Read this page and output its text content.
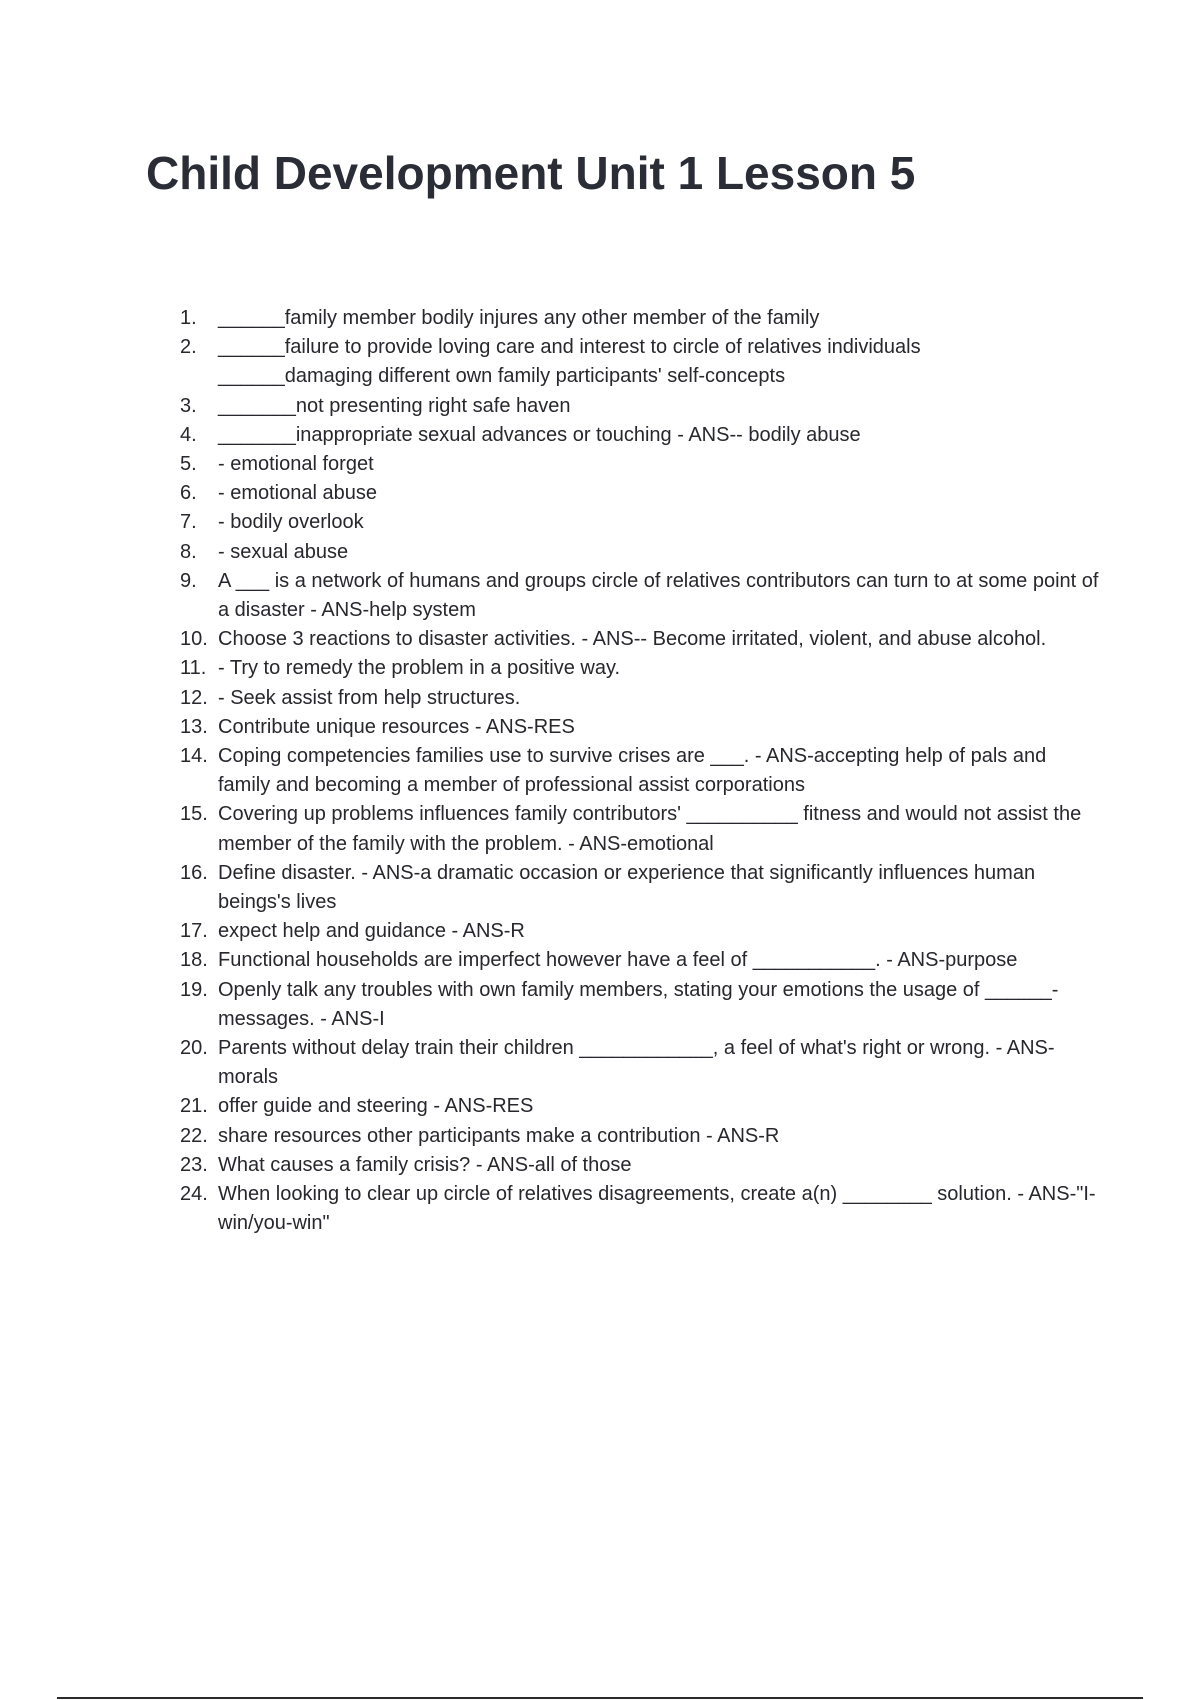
Child Development Unit 1 Lesson 5
1.	______family member bodily injures any other member of the family
2.	______failure to provide loving care and interest to circle of relatives individuals
______damaging different own family participants' self-concepts
3.	_______not presenting right safe haven
4.	_______inappropriate sexual advances or touching - ANS-- bodily abuse
5.	- emotional forget
6.	- emotional abuse
7.	- bodily overlook
8.	- sexual abuse
9.	A ___ is a network of humans and groups circle of relatives contributors can turn to at some point of a disaster - ANS-help system
10. Choose 3 reactions to disaster activities. - ANS-- Become irritated, violent, and abuse alcohol.
11. - Try to remedy the problem in a positive way.
12. - Seek assist from help structures.
13. Contribute unique resources - ANS-RES
14. Coping competencies families use to survive crises are ___. - ANS-accepting help of pals and family and becoming a member of professional assist corporations
15. Covering up problems influences family contributors' __________ fitness and would not assist the member of the family with the problem. - ANS-emotional
16. Define disaster. - ANS-a dramatic occasion or experience that significantly influences human beings's lives
17. expect help and guidance - ANS-R
18. Functional households are imperfect however have a feel of ___________. - ANS-purpose
19. Openly talk any troubles with own family members, stating your emotions the usage of ______-messages. - ANS-I
20. Parents without delay train their children ____________, a feel of what's right or wrong. - ANS-morals
21. offer guide and steering - ANS-RES
22. share resources other participants make a contribution - ANS-R
23. What causes a family crisis? - ANS-all of those
24. When looking to clear up circle of relatives disagreements, create a(n) ________ solution. - ANS-"I-win/you-win"
